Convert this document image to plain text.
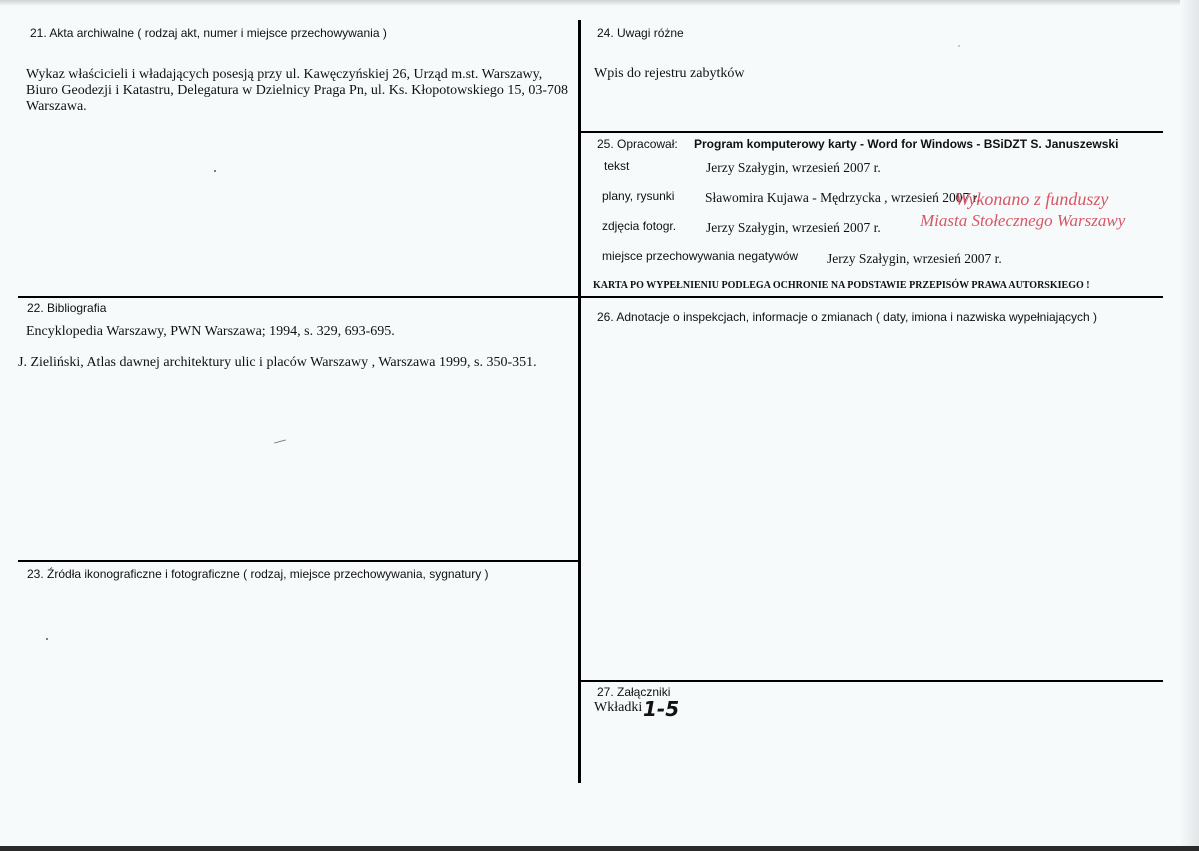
21. Akta archiwalne ( rodzaj akt, numer i miejsce przechowywania )
Wykaz właścicieli i władających posesją przy ul. Kawęczyńskiej 26, Urząd m.st. Warszawy,
Biuro Geodezji i Katastru, Delegatura w Dzielnicy Praga Pn, ul. Ks. Kłopotowskiego 15, 03-708
Warszawa.
22. Bibliografia
Encyklopedia Warszawy, PWN Warszawa; 1994, s. 329, 693-695.
J. Zieliński, Atlas dawnej architektury ulic i placów Warszawy , Warszawa 1999, s. 350-351.
23. Źródła ikonograficzne i fotograficzne ( rodzaj, miejsce przechowywania, sygnatury )
24. Uwagi różne
Wpis do rejestru zabytków
25. Opracował: Program komputerowy karty - Word for Windows - BSiDZT S. Januszewski
tekst	Jerzy Szałygin, wrzesień 2007 r.
plany, rysunki Sławomira Kujawa - Mędrzycka , wrzesień 2007 r.
zdjęcia fotogr. Jerzy Szałygin, wrzesień 2007 r.
miejsce przechowywania negatywów Jerzy Szałygin, wrzesień 2007 r.
KARTA PO WYPEŁNIENIU PODLEGA OCHRONIE NA PODSTAWIE PRZEPISÓW PRAWA AUTORSKIEGO !
Wykonano z funduszy
Miasta Stołecznego Warszawy
26. Adnotacje o inspekcjach, informacje o zmianach ( daty, imiona i nazwiska wypełniających )
27. Załączniki
Wkładki 1-5
